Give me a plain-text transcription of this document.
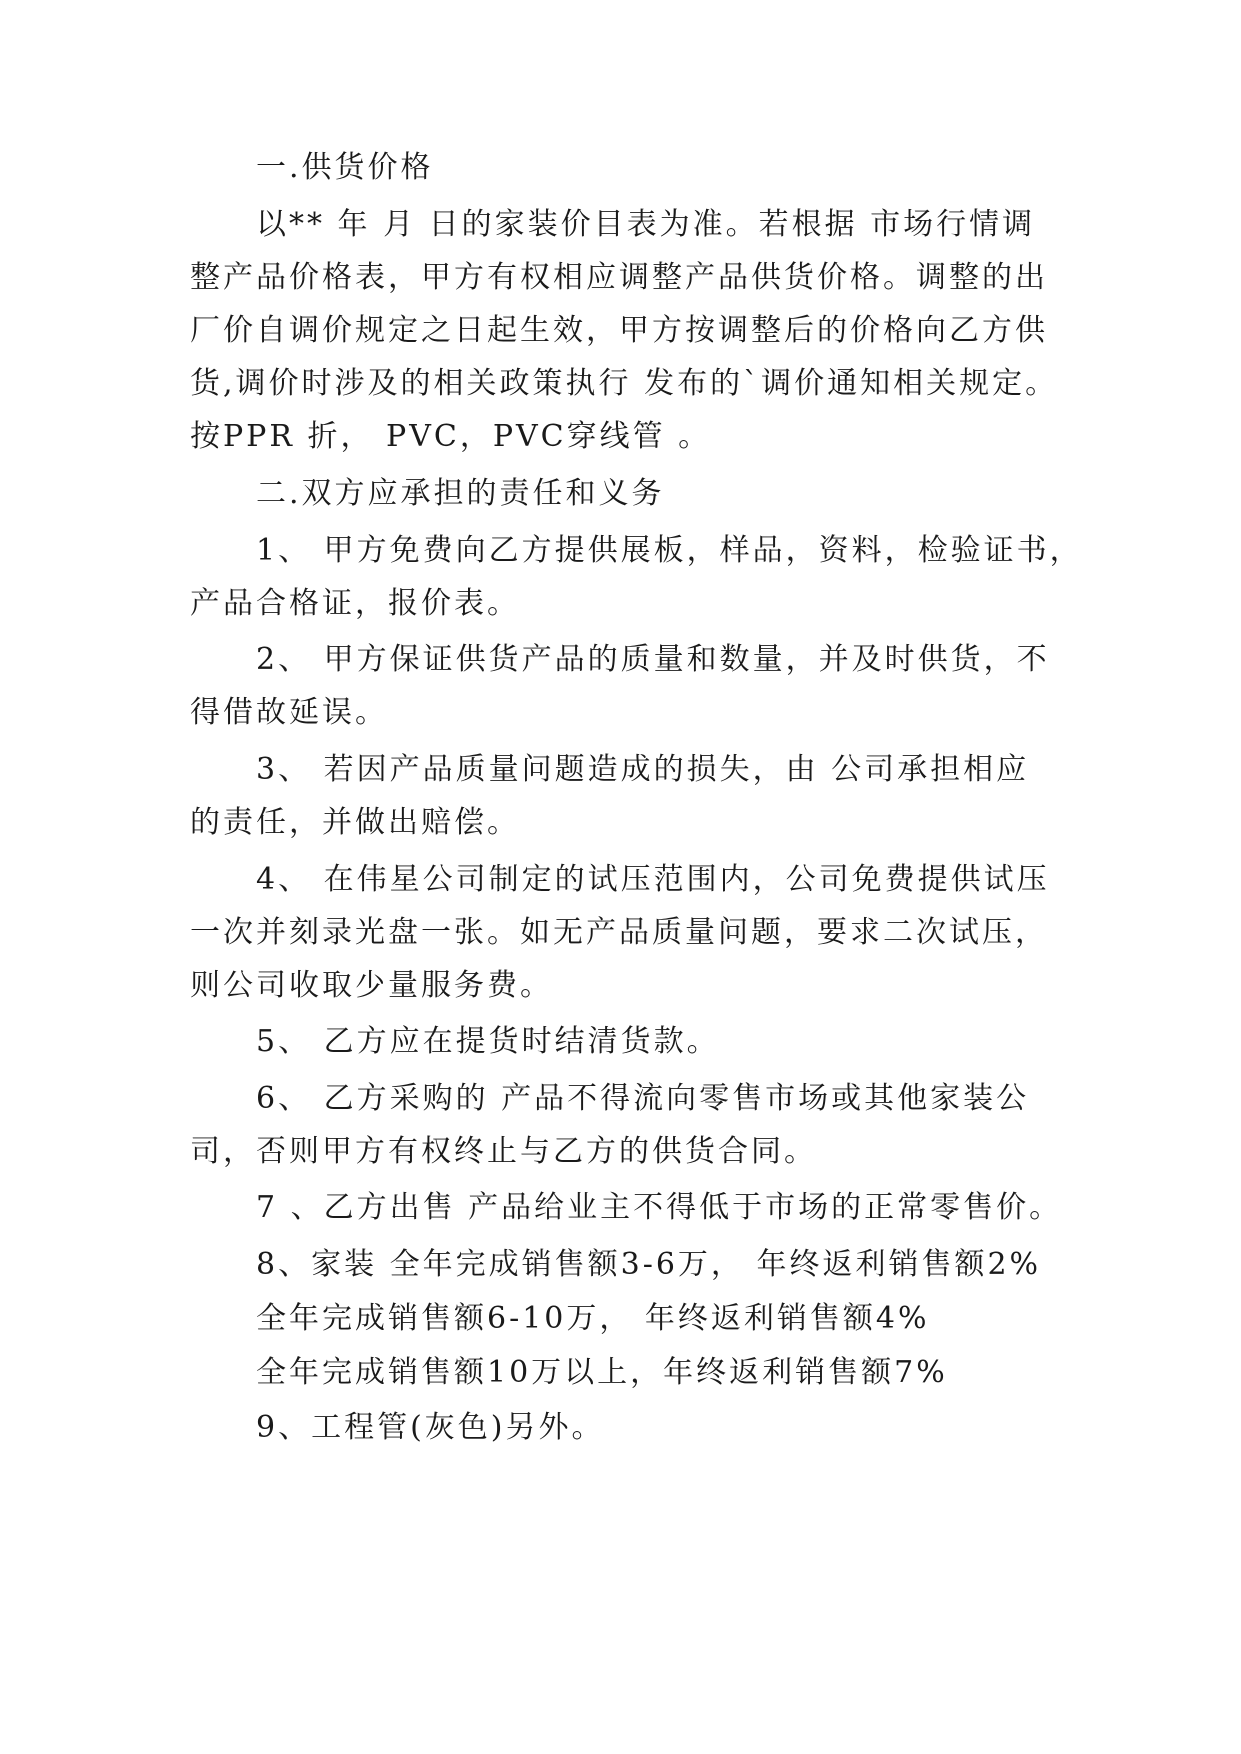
一.供货价格
以** 年 月 日的家装价目表为准。若根据 市场行情调
整产品价格表，甲方有权相应调整产品供货价格。调整的出
厂价自调价规定之日起生效，甲方按调整后的价格向乙方供
货,调价时涉及的相关政策执行 发布的`调价通知相关规定。
按PPR 折， PVC，PVC穿线管 。
二.双方应承担的责任和义务
1、 甲方免费向乙方提供展板，样品，资料，检验证书，
产品合格证，报价表。
2、 甲方保证供货产品的质量和数量，并及时供货，不
得借故延误。
3、 若因产品质量问题造成的损失，由 公司承担相应
的责任，并做出赔偿。
4、 在伟星公司制定的试压范围内，公司免费提供试压
一次并刻录光盘一张。如无产品质量问题，要求二次试压，
则公司收取少量服务费。
5、 乙方应在提货时结清货款。
6、 乙方采购的 产品不得流向零售市场或其他家装公
司，否则甲方有权终止与乙方的供货合同。
7 、乙方出售 产品给业主不得低于市场的正常零售价。
8、家装 全年完成销售额3-6万， 年终返利销售额2%
全年完成销售额6-10万， 年终返利销售额4%
全年完成销售额10万以上，年终返利销售额7%
9、工程管(灰色)另外。
